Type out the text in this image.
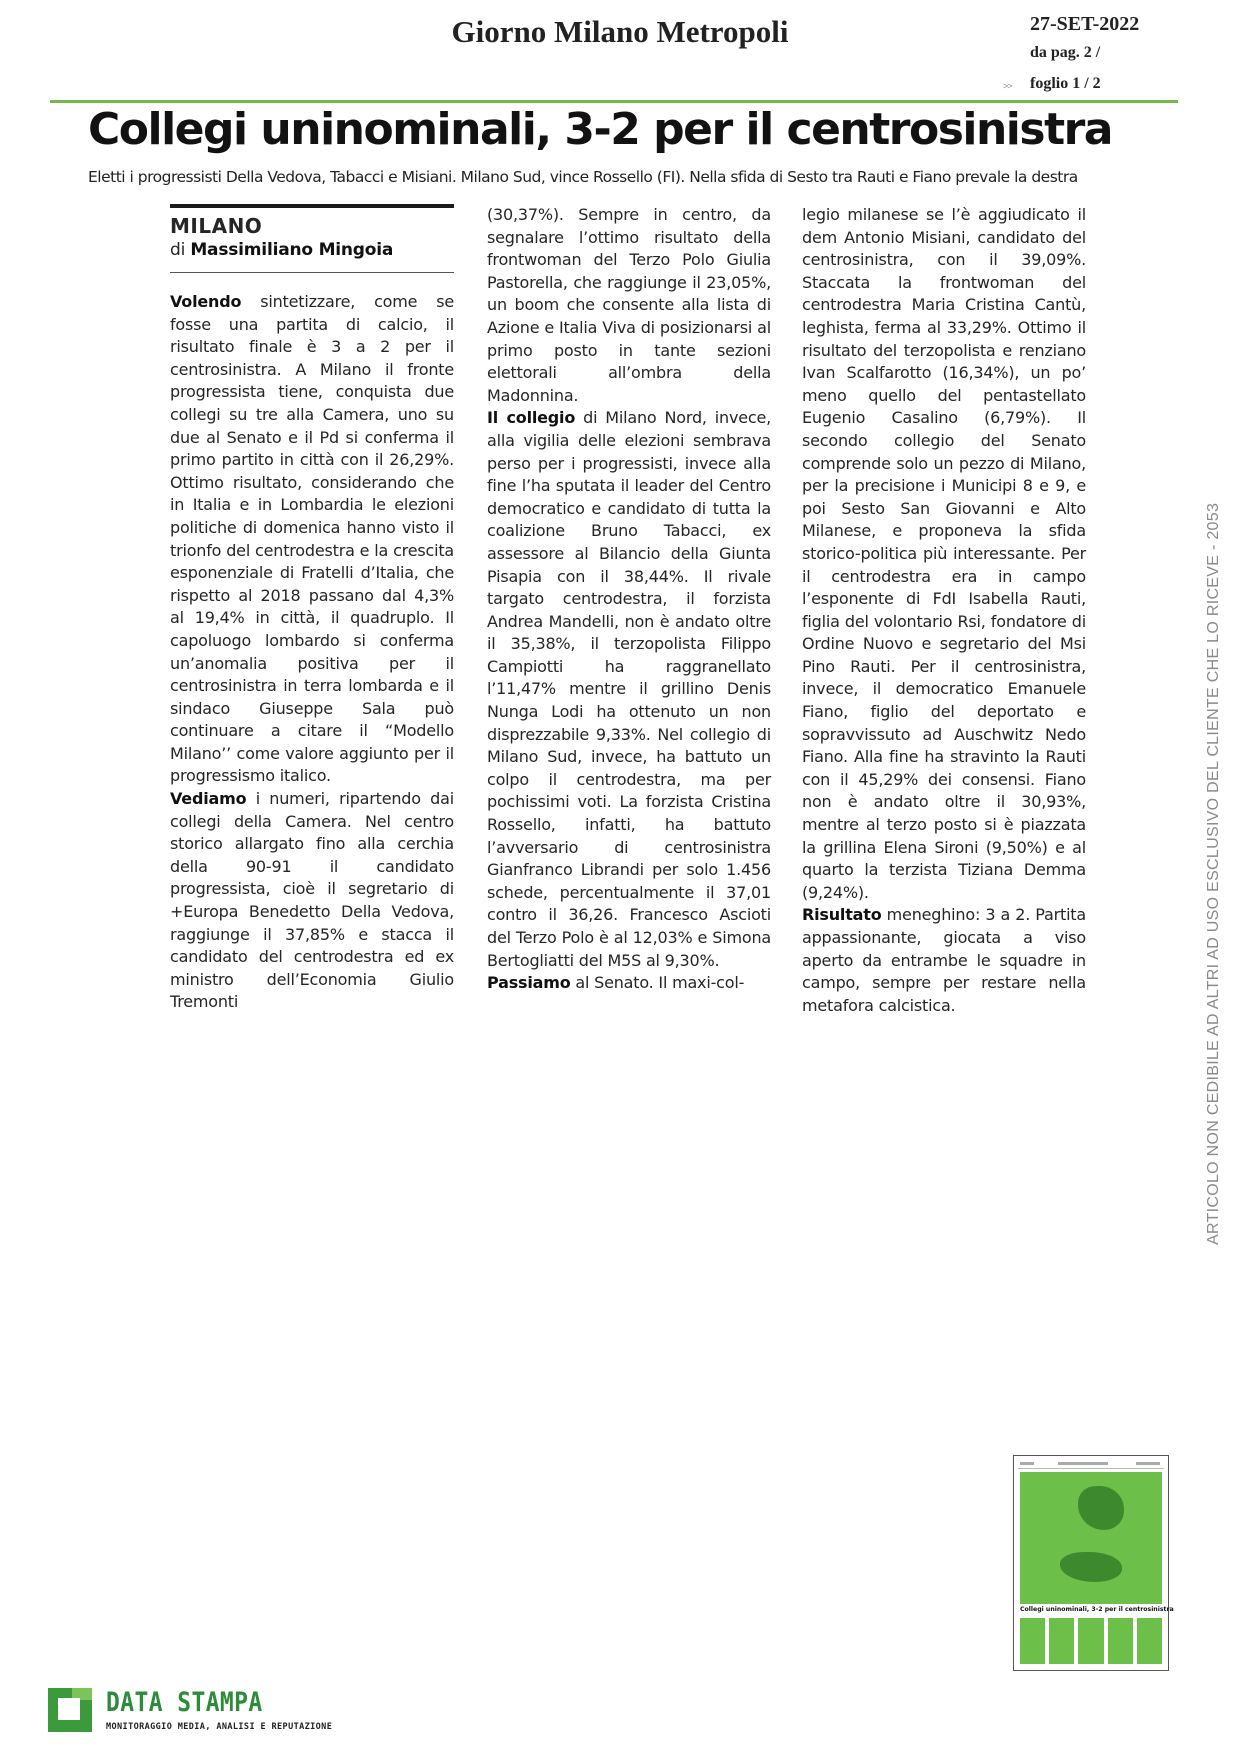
Giorno Milano Metropoli	27-SET-2022
da pag. 2 /
>> foglio 1 / 2
Collegi uninominali, 3-2 per il centrosinistra
Eletti i progressisti Della Vedova, Tabacci e Misiani. Milano Sud, vince Rossello (FI). Nella sfida di Sesto tra Rauti e Fiano prevale la destra
MILANO
di Massimiliano Mingoia

Volendo sintetizzare, come se fosse una partita di calcio, il risultato finale è 3 a 2 per il centrosinistra. A Milano il fronte progressista tiene, conquista due collegi su tre alla Camera, uno su due al Senato e il Pd si conferma il primo partito in città con il 26,29%. Ottimo risultato, considerando che in Italia e in Lombardia le elezioni politiche di domenica hanno visto il trionfo del centrodestra e la crescita esponenziale di Fratelli d’Italia, che rispetto al 2018 passano dal 4,3% al 19,4% in città, il quadruplo. Il capoluogo lombardo si conferma un’anomalia positiva per il centrosinistra in terra lombarda e il sindaco Giuseppe Sala può continuare a citare il “Modello Milano’’ come valore aggiunto per il progressismo italico.

Vediamo i numeri, ripartendo dai collegi della Camera. Nel centro storico allargato fino alla cerchia della 90-91 il candidato progressista, cioè il segretario di +Europa Benedetto Della Vedova, raggiunge il 37,85% e stacca il candidato del centrodestra ed ex ministro dell’Economia Giulio Tremonti

(30,37%). Sempre in centro, da segnalare l’ottimo risultato della frontwoman del Terzo Polo Giulia Pastorella, che raggiunge il 23,05%, un boom che consente alla lista di Azione e Italia Viva di posizionarsi al primo posto in tante sezioni elettorali all’ombra della Madonnina.

Il collegio di Milano Nord, invece, alla vigilia delle elezioni sembrava perso per i progressisti, invece alla fine l’ha sputata il leader del Centro democratico e candidato di tutta la coalizione Bruno Tabacci, ex assessore al Bilancio della Giunta Pisapia con il 38,44%. Il rivale targato centrodestra, il forzista Andrea Mandelli, non è andato oltre il 35,38%, il terzopolista Filippo Campiotti ha raggranellato l’11,47% mentre il grillino Denis Nunga Lodi ha ottenuto un non disprezzabile 9,33%. Nel collegio di Milano Sud, invece, ha battuto un colpo il centrodestra, ma per pochissimi voti. La forzista Cristina Rossello, infatti, ha battuto l’avversario di centrosinistra Gianfranco Librandi per solo 1.456 schede, percentualmente il 37,01 contro il 36,26. Francesco Ascioti del Terzo Polo è al 12,03% e Simona Bertogliatti del M5S al 9,30%.

Passiamo al Senato. Il maxi-col-

legio milanese se l’è aggiudicato il dem Antonio Misiani, candidato del centrosinistra, con il 39,09%. Staccata la frontwoman del centrodestra Maria Cristina Cantù, leghista, ferma al 33,29%. Ottimo il risultato del terzopolista e renziano Ivan Scalfarotto (16,34%), un po’ meno quello del pentastellato Eugenio Casalino (6,79%). Il secondo collegio del Senato comprende solo un pezzo di Milano, per la precisione i Municipi 8 e 9, e poi Sesto San Giovanni e Alto Milanese, e proponeva la sfida storico-politica più interessante. Per il centrodestra era in campo l’esponente di FdI Isabella Rauti, figlia del volontario Rsi, fondatore di Ordine Nuovo e segretario del Msi Pino Rauti. Per il centrosinistra, invece, il democratico Emanuele Fiano, figlio del deportato e sopravvissuto ad Auschwitz Nedo Fiano. Alla fine ha stravinto la Rauti con il 45,29% dei consensi. Fiano non è andato oltre il 30,93%, mentre al terzo posto si è piazzata la grillina Elena Sironi (9,50%) e al quarto la terzista Tiziana Demma (9,24%).

Risultato meneghino: 3 a 2. Partita appassionante, giocata a viso aperto da entrambe le squadre in campo, sempre per restare nella metafora calcistica.	ARTICOLO NON CEDIBILE AD ALTRI AD USO ESCLUSIVO DEL CLIENTE CHE LO RICEVE - 2053
Collegi uninominali, 3-2 per il centrosinistra
DATA STAMPA
MONITORAGGIO MEDIA, ANALISI E REPUTAZIONE
